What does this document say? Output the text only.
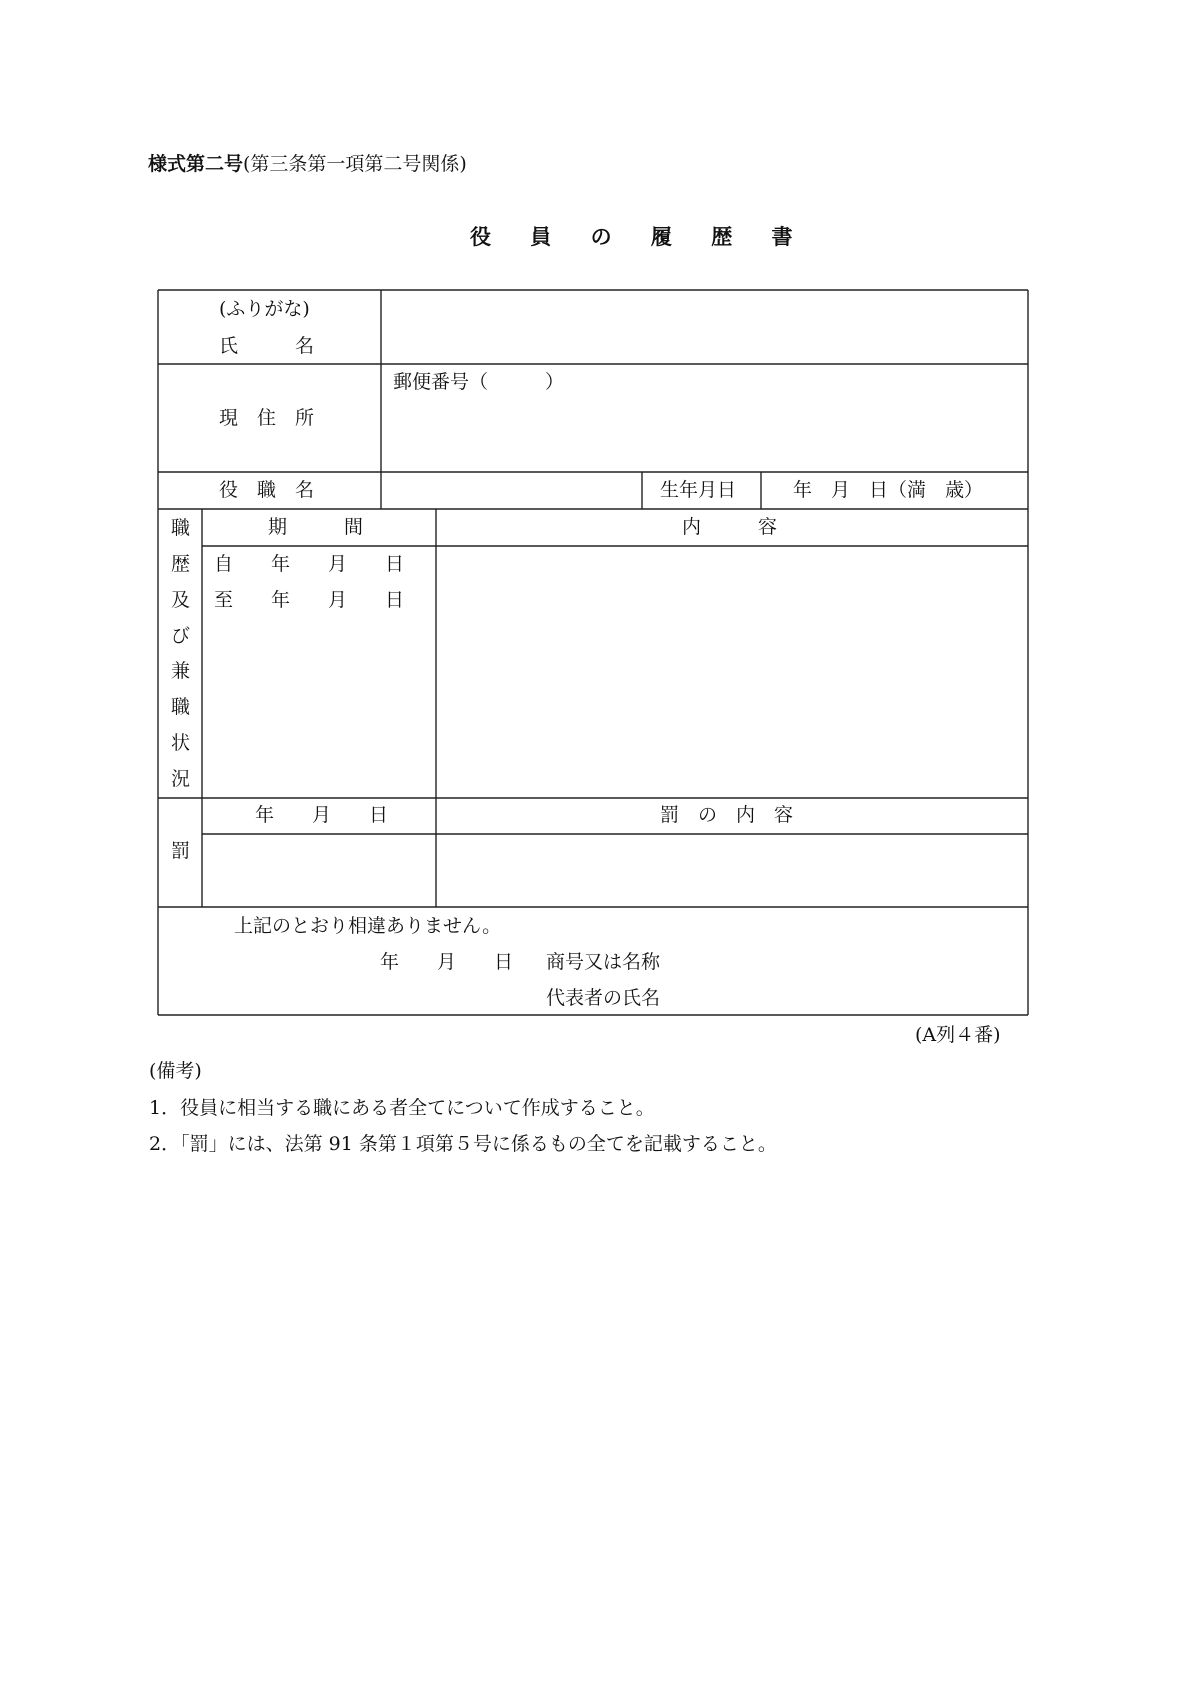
様式第二号(第三条第一項第二号関係)
役 員 の 履 歴 書
(ふりがな)
氏　　　名
現　住　所
郵便番号（　　　）
役　職　名	生年月日	年　月　日（満　歳）
職
歴
及
び
兼
職
状
況
期　　　間	内　　　容
自　　年　　月　　日
至　　年　　月　　日
罰
年　　月　　日	罰　の　内　容
上記のとおり相違ありません。
年　　月　　日 商号又は名称
代表者の氏名
(A列４番)
(備考)
1．役員に相当する職にある者全てについて作成すること。
2．「罰」には、法第 91 条第１項第５号に係るもの全てを記載すること。
